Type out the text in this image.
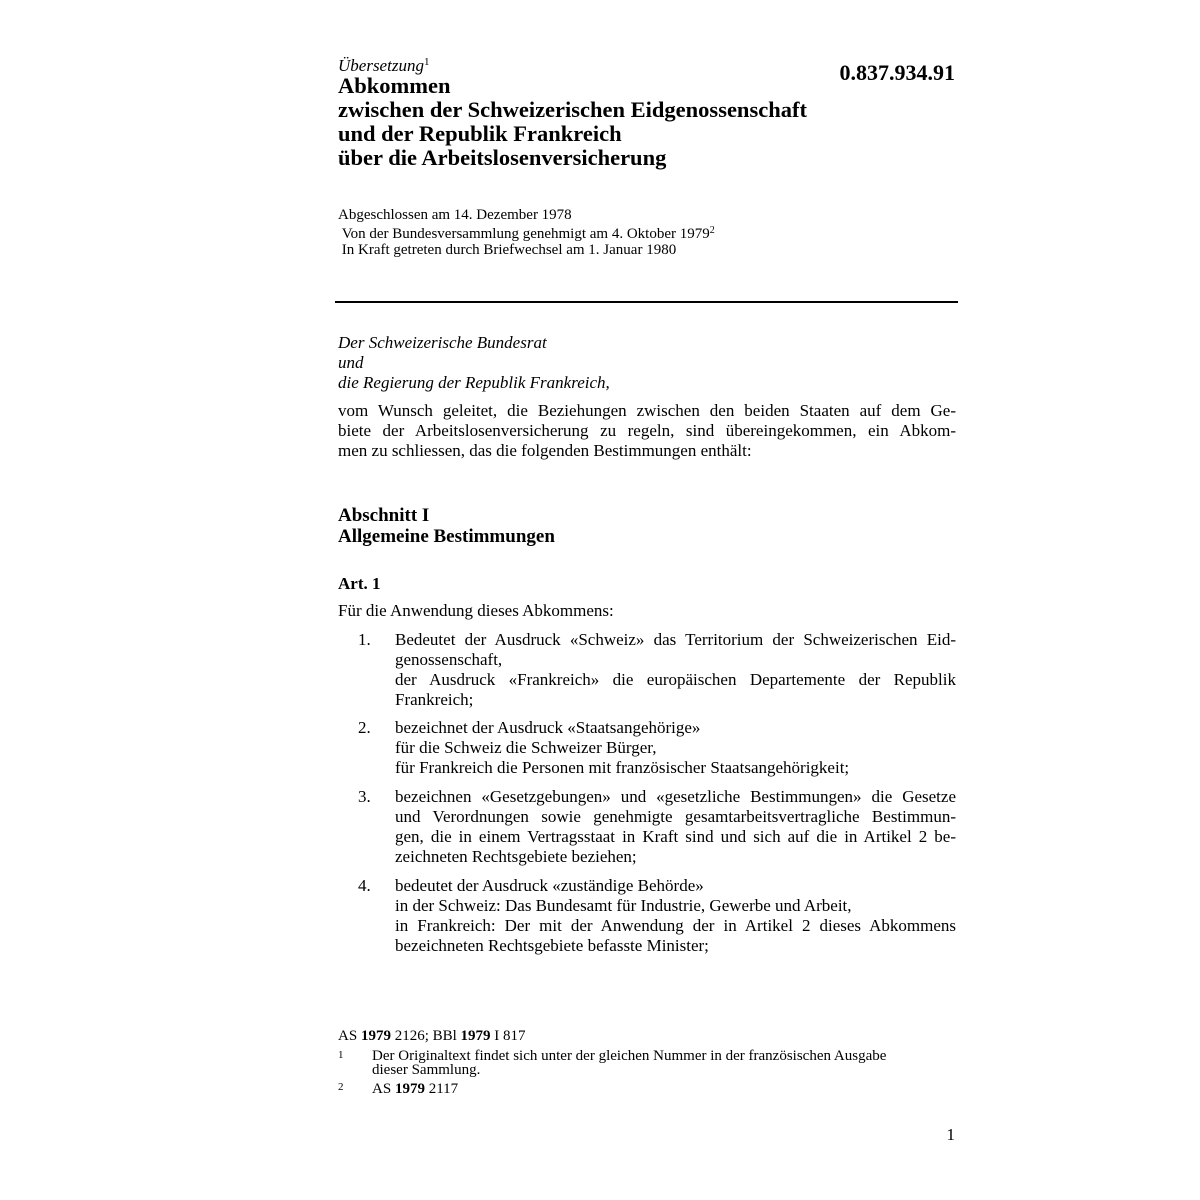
Übersetzung$^1$	0.837.934.91
Abkommen
zwischen der Schweizerischen Eidgenossenschaft
und der Republik Frankreich
über die Arbeitslosenversicherung
Abgeschlossen am 14. Dezember 1978
Von der Bundesversammlung genehmigt am 4. Oktober 1979$^2$
In Kraft getreten durch Briefwechsel am 1. Januar 1980
Der Schweizerische Bundesrat
und
die Regierung der Republik Frankreich,
vom Wunsch geleitet, die Beziehungen zwischen den beiden Staaten auf dem Ge-
biete der Arbeitslosenversicherung zu regeln, sind übereingekommen, ein Abkom-
men zu schliessen, das die folgenden Bestimmungen enthält:
Abschnitt I
Allgemeine Bestimmungen
Art. 1
Für die Anwendung dieses Abkommens:
1. Bedeutet der Ausdruck «Schweiz» das Territorium der Schweizerischen Eid-
genossenschaft,
der Ausdruck «Frankreich» die europäischen Departemente der Republik
Frankreich;
2. bezeichnet der Ausdruck «Staatsangehörige»
für die Schweiz die Schweizer Bürger,
für Frankreich die Personen mit französischer Staatsangehörigkeit;
3. bezeichnen «Gesetzgebungen» und «gesetzliche Bestimmungen» die Gesetze
und Verordnungen sowie genehmigte gesamtarbeitsvertragliche Bestimmun-
gen, die in einem Vertragsstaat in Kraft sind und sich auf die in Artikel 2 be-
zeichneten Rechtsgebiete beziehen;
4. bedeutet der Ausdruck «zuständige Behörde»
in der Schweiz: Das Bundesamt für Industrie, Gewerbe und Arbeit,
in Frankreich: Der mit der Anwendung der in Artikel 2 dieses Abkommens
bezeichneten Rechtsgebiete befasste Minister;
AS 1979 2126; BBl 1979 I 817
1 Der Originaltext findet sich unter der gleichen Nummer in der französischen Ausgabe
dieser Sammlung.
2 AS 1979 2117
1
